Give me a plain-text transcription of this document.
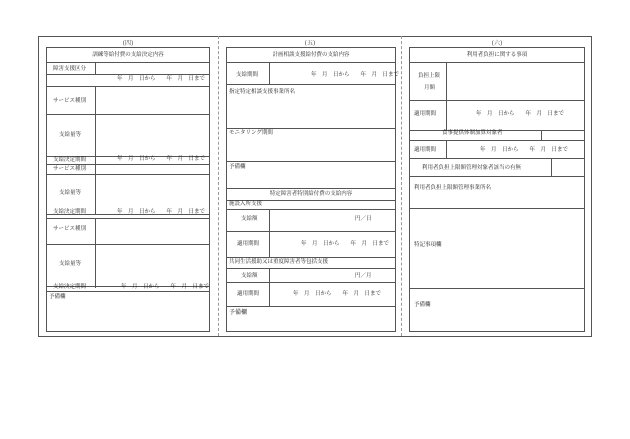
(四)	(五)	(六)
訓練等給付費の支給決定内容
障害支援区分
年　月　日から　　年　月　日まで
サービス種別
支給量等
支給決定期間	年　月　日から　　年　月　日まで
サービス種別
支給量等
支給決定期間	年　月　日から　　年　月　日まで
サービス種別
支給量等
支給決定期間	年　月　日から　　年　月　日まで
予備欄
計画相談支援給付費の支給内容
支給期間	年　月　日から　　年　月　日まで
指定特定相談支援事業所名
モニタリング期間
予備欄
特定障害者特別給付費の支給内容
施設入所支援
支給額	円／日
適用期間	年　月　日から　　年　月　日まで
共同生活援助又は重度障害者等包括支援
支給額	円／月
適用期間	年　月　日から　　年　月　日まで
予備欄
利用者負担に関する事項
負担上限
月額
適用期間	年　月　日から　　年　月　日まで
食事提供体制加算対象者
適用期間	年　月　日から　　年　月　日まで
利用者負担上限額管理対象者該当の有無
利用者負担上限額管理事業所名
特記事項欄
予備欄
